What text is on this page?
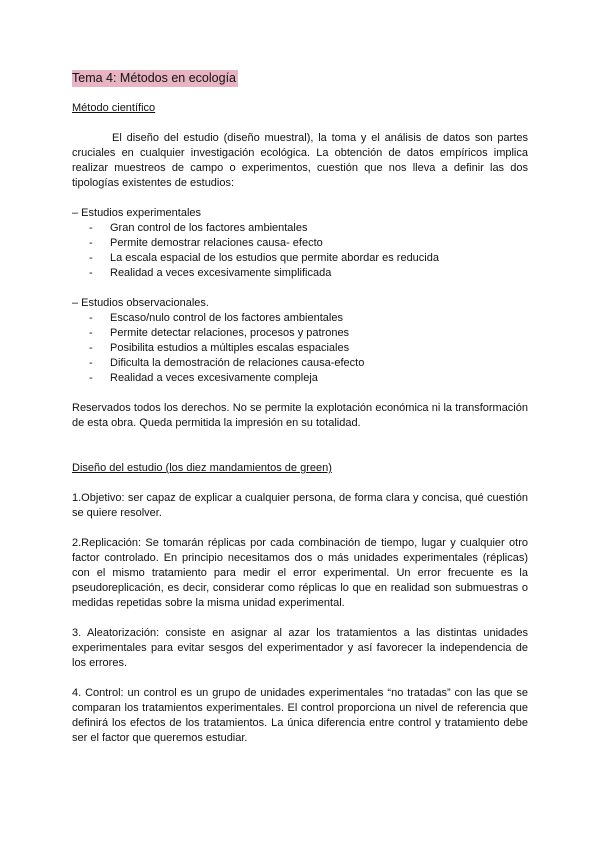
Tema 4: Métodos en ecología
Método científico

El diseño del estudio (diseño muestral), la toma y el análisis de datos son partes cruciales en cualquier investigación ecológica. La obtención de datos empíricos implica realizar muestreos de campo o experimentos, cuestión que nos lleva a definir las dos tipologías existentes de estudios:

– Estudios experimentales
- Gran control de los factores ambientales
- Permite demostrar relaciones causa- efecto
- La escala espacial de los estudios que permite abordar es reducida
- Realidad a veces excesivamente simplificada
– Estudios observacionales.
- Escaso/nulo control de los factores ambientales
- Permite detectar relaciones, procesos y patrones
- Posibilita estudios a múltiples escalas espaciales
- Dificulta la demostración de relaciones causa-efecto
- Realidad a veces excesivamente compleja

Reservados todos los derechos. No se permite la explotación económica ni la transformación de esta obra. Queda permitida la impresión en su totalidad.

Diseño del estudio (los diez mandamientos de green)

1.Objetivo: ser capaz de explicar a cualquier persona, de forma clara y concisa, qué cuestión se quiere resolver.

2.Replicación: Se tomarán réplicas por cada combinación de tiempo, lugar y cualquier otro factor controlado. En principio necesitamos dos o más unidades experimentales (réplicas) con el mismo tratamiento para medir el error experimental. Un error frecuente es la pseudoreplicación, es decir, considerar como réplicas lo que en realidad son submuestras o medidas repetidas sobre la misma unidad experimental.

3. Aleatorización: consiste en asignar al azar los tratamientos a las distintas unidades experimentales para evitar sesgos del experimentador y así favorecer la independencia de los errores.

4. Control: un control es un grupo de unidades experimentales “no tratadas” con las que se comparan los tratamientos experimentales. El control proporciona un nivel de referencia que definirá los efectos de los tratamientos. La única diferencia entre control y tratamiento debe ser el factor que queremos estudiar.
